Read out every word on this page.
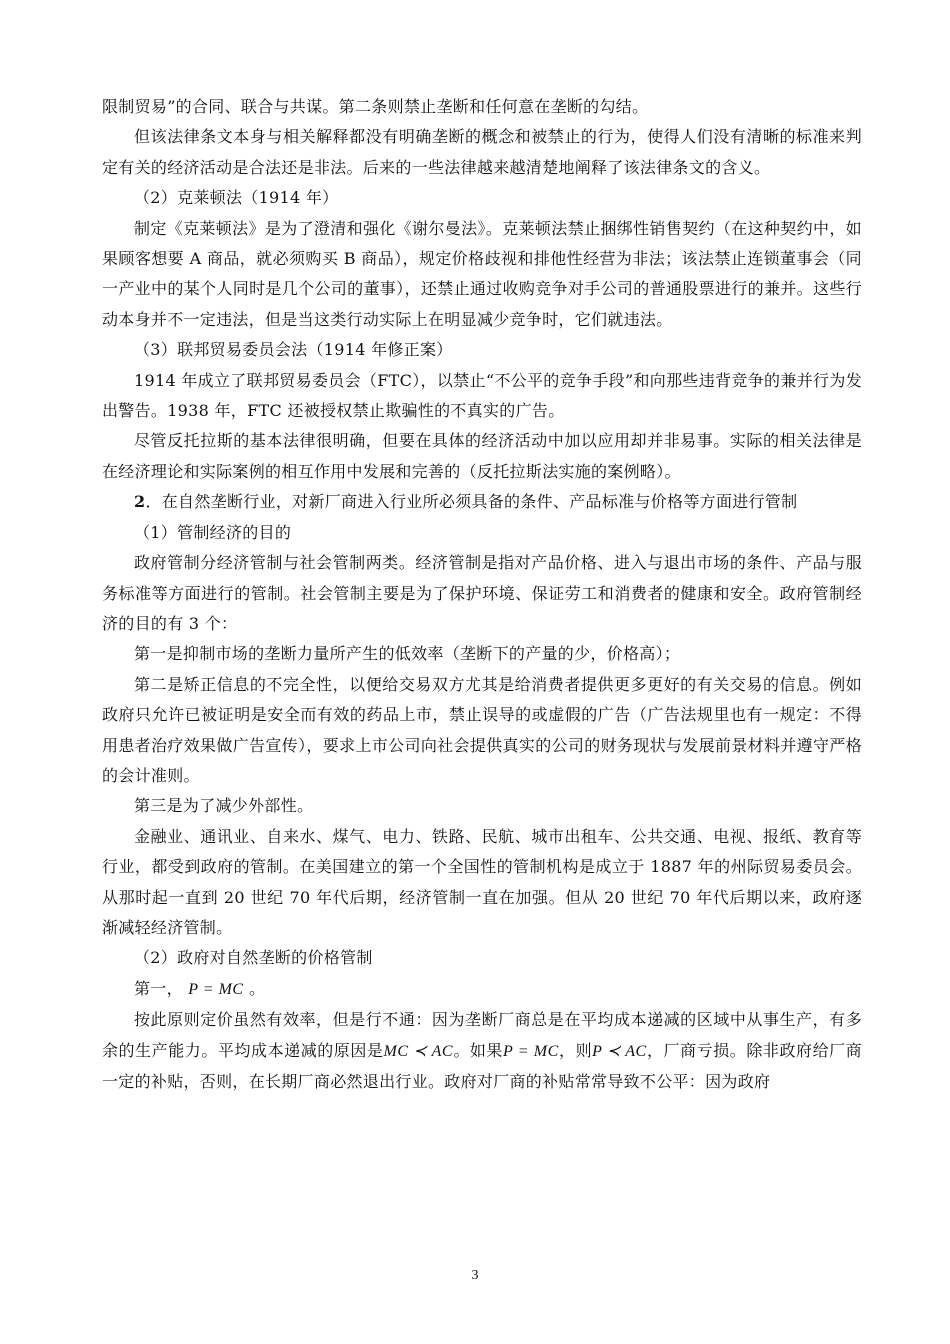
限制贸易”的合同、联合与共谋。第二条则禁止垄断和任何意在垄断的勾结。

但该法律条文本身与相关解释都没有明确垄断的概念和被禁止的行为，使得人们没有清晰的标准来判定有关的经济活动是合法还是非法。后来的一些法律越来越清楚地阐释了该法律条文的含义。

（2）克莱顿法（1914 年）

制定《克莱顿法》是为了澄清和强化《谢尔曼法》。克莱顿法禁止捆绑性销售契约（在这种契约中，如果顾客想要 A 商品，就必须购买 B 商品），规定价格歧视和排他性经营为非法；该法禁止连锁董事会（同一产业中的某个人同时是几个公司的董事），还禁止通过收购竞争对手公司的普通股票进行的兼并。这些行动本身并不一定违法，但是当这类行动实际上在明显减少竞争时，它们就违法。

（3）联邦贸易委员会法（1914 年修正案）

1914 年成立了联邦贸易委员会（FTC），以禁止“不公平的竞争手段”和向那些违背竞争的兼并行为发出警告。1938 年，FTC 还被授权禁止欺骗性的不真实的广告。

尽管反托拉斯的基本法律很明确，但要在具体的经济活动中加以应用却并非易事。实际的相关法律是在经济理论和实际案例的相互作用中发展和完善的（反托拉斯法实施的案例略）。

2．在自然垄断行业，对新厂商进入行业所必须具备的条件、产品标准与价格等方面进行管制

（1）管制经济的目的

政府管制分经济管制与社会管制两类。经济管制是指对产品价格、进入与退出市场的条件、产品与服务标准等方面进行的管制。社会管制主要是为了保护环境、保证劳工和消费者的健康和安全。政府管制经济的目的有 3 个：

第一是抑制市场的垄断力量所产生的低效率（垄断下的产量的少，价格高）；

第二是矫正信息的不完全性，以便给交易双方尤其是给消费者提供更多更好的有关交易的信息。例如政府只允许已被证明是安全而有效的药品上市，禁止误导的或虚假的广告（广告法规里也有一规定：不得用患者治疗效果做广告宣传），要求上市公司向社会提供真实的公司的财务现状与发展前景材料并遵守严格的会计准则。

第三是为了减少外部性。

金融业、通讯业、自来水、煤气、电力、铁路、民航、城市出租车、公共交通、电视、报纸、教育等行业，都受到政府的管制。在美国建立的第一个全国性的管制机构是成立于 1887 年的州际贸易委员会。从那时起一直到 20 世纪 70 年代后期，经济管制一直在加强。但从 20 世纪 70 年代后期以来，政府逐渐减轻经济管制。

（2）政府对自然垄断的价格管制

第一， P = MC 。

按此原则定价虽然有效率，但是行不通：因为垄断厂商总是在平均成本递减的区域中从事生产，有多余的生产能力。平均成本递减的原因是MC ≺ AC。如果P = MC，则P ≺ AC，厂商亏损。除非政府给厂商一定的补贴，否则，在长期厂商必然退出行业。政府对厂商的补贴常常导致不公平：因为政府

3
